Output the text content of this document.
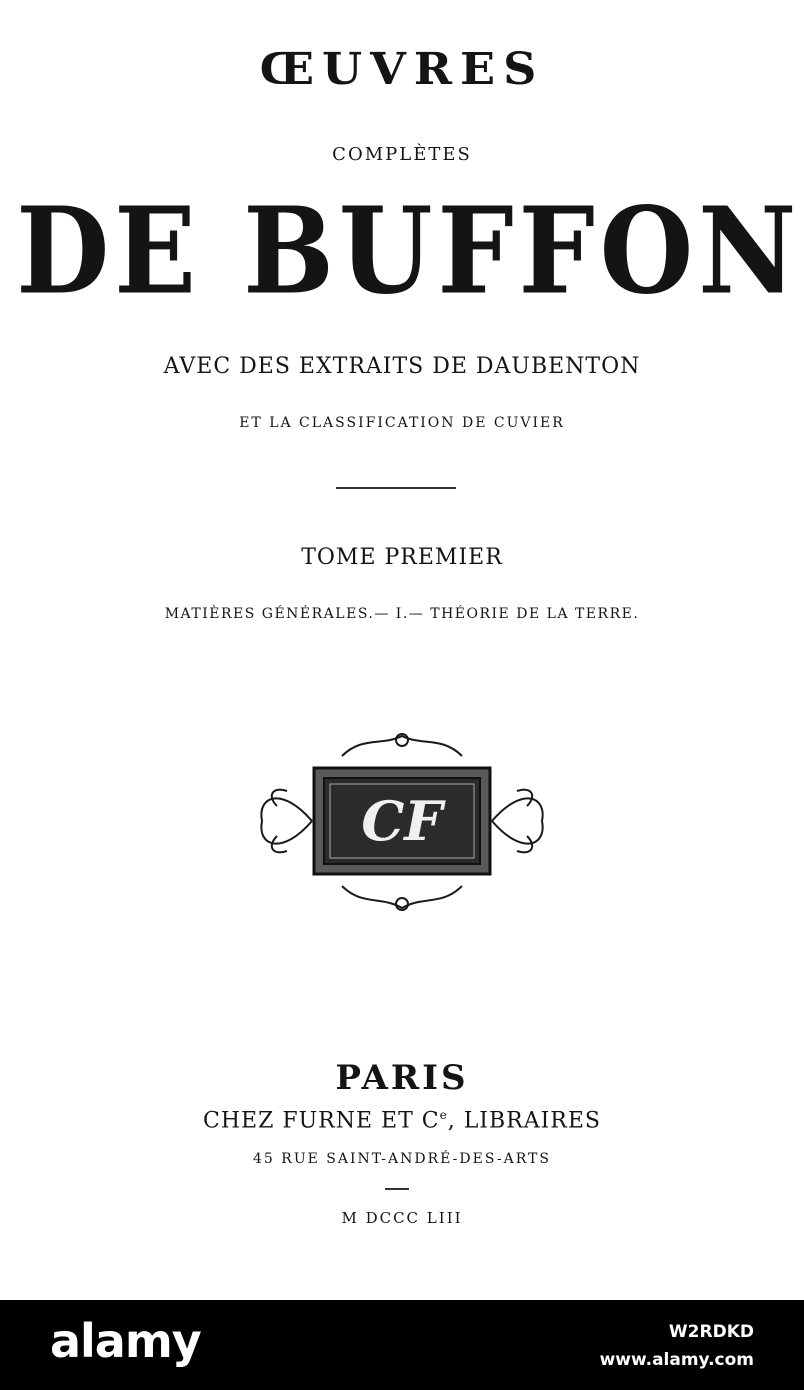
ŒUVRES
COMPLÈTES
DE BUFFON
AVEC DES EXTRAITS DE DAUBENTON
ET LA CLASSIFICATION DE CUVIER
TOME PREMIER
MATIÈRES GÉNÉRALES.— I.— THÉORIE DE LA TERRE.
CF
PARIS
CHEZ FURNE ET Ce, LIBRAIRES
45 RUE SAINT-ANDRÉ-DES-ARTS
M DCCC LIII
alamy	W2RDKD
www.alamy.com
